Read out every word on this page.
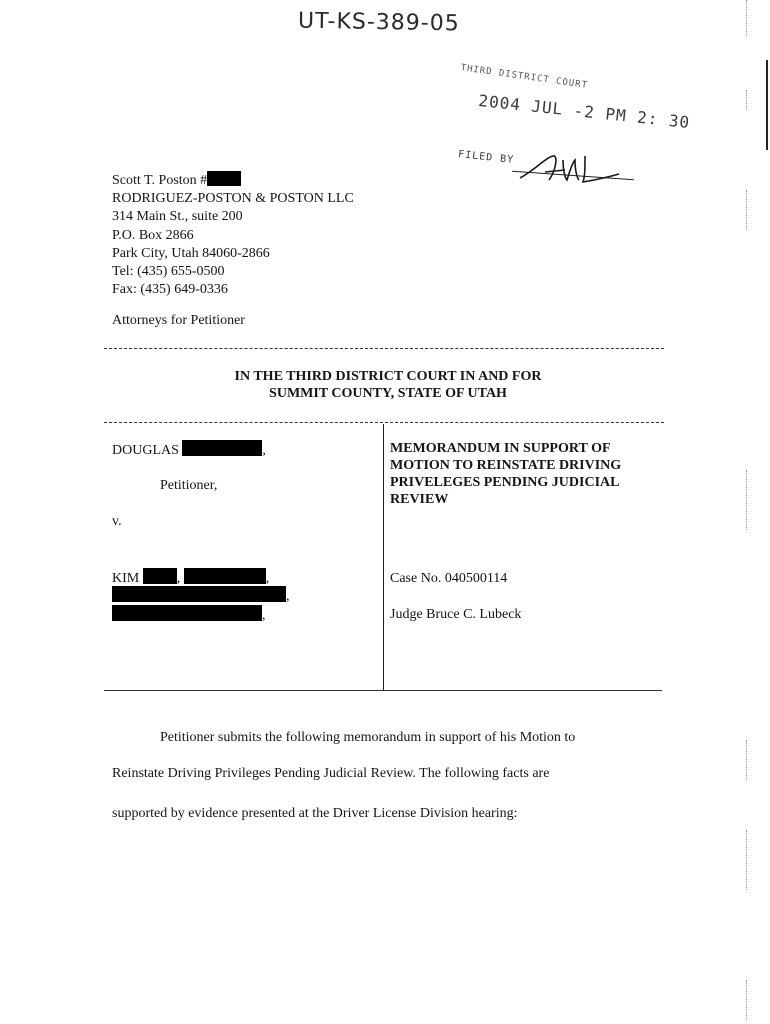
UT-KS-389-05
THIRD DISTRICT COURT
2004 JUL -2 PM 2: 30
FILED BY
Scott T. Poston #
RODRIGUEZ-POSTON & POSTON LLC
314 Main St., suite 200
P.O. Box 2866
Park City, Utah 84060-2866
Tel: (435) 655-0500
Fax: (435) 649-0336
Attorneys for Petitioner
IN THE THIRD DISTRICT COURT IN AND FOR
SUMMIT COUNTY, STATE OF UTAH
DOUGLAS	,
Petitioner,
v.
KIM	,	,
,
,
MEMORANDUM IN SUPPORT OF
MOTION TO REINSTATE DRIVING
PRIVELEGES PENDING JUDICIAL
REVIEW
Case No. 040500114
Judge Bruce C. Lubeck
Petitioner submits the following memorandum in support of his Motion to
Reinstate Driving Privileges Pending Judicial Review. The following facts are
supported by evidence presented at the Driver License Division hearing:
